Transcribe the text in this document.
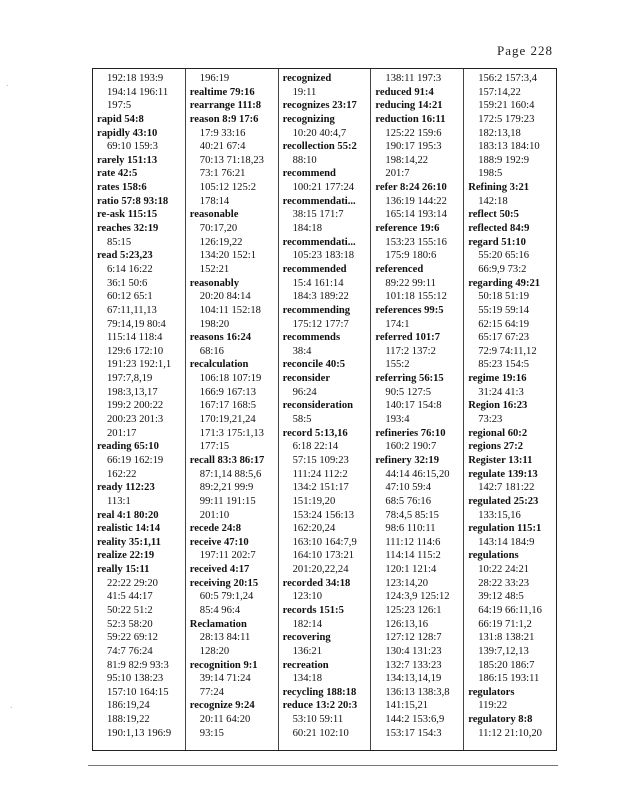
Page 228
192:18 193:9
194:14 196:11
197:5
rapid 54:8
rapidly 43:10
69:10 159:3
rarely 151:13
rate 42:5
rates 158:6
ratio 57:8 93:18
re-ask 115:15
reaches 32:19
85:15
read 5:23,23
6:14 16:22
36:1 50:6
60:12 65:1
67:11,11,13
79:14,19 80:4
115:14 118:4
129:6 172:10
191:23 192:1,1
197:7,8,19
198:3,13,17
199:2 200:22
200:23 201:3
201:17
reading 65:10
66:19 162:19
162:22
ready 112:23
113:1
real 4:1 80:20
realistic 14:14
reality 35:1,11
realize 22:19
really 15:11
22:22 29:20
41:5 44:17
50:22 51:2
52:3 58:20
59:22 69:12
74:7 76:24
81:9 82:9 93:3
95:10 138:23
157:10 164:15
186:19,24
188:19,22
190:1,13 196:9
196:19
realtime 79:16
rearrange 111:8
reason 8:9 17:6
17:9 33:16
40:21 67:4
70:13 71:18,23
73:1 76:21
105:12 125:2
178:14
reasonable
70:17,20
126:19,22
134:20 152:1
152:21
reasonably
20:20 84:14
104:11 152:18
198:20
reasons 16:24
68:16
recalculation
106:18 107:19
166:9 167:13
167:17 168:5
170:19,21,24
171:3 175:1,13
177:15
recall 83:3 86:17
87:1,14 88:5,6
89:2,21 99:9
99:11 191:15
201:10
recede 24:8
receive 47:10
197:11 202:7
received 4:17
receiving 20:15
60:5 79:1,24
85:4 96:4
Reclamation
28:13 84:11
128:20
recognition 9:1
39:14 71:24
77:24
recognize 9:24
20:11 64:20
93:15
recognized
19:11
recognizes 23:17
recognizing
10:20 40:4,7
recollection 55:2
88:10
recommend
100:21 177:24
recommendati...
38:15 171:7
184:18
recommendati...
105:23 183:18
recommended
15:4 161:14
184:3 189:22
recommending
175:12 177:7
recommends
38:4
reconcile 40:5
reconsider
96:24
reconsideration
58:5
record 5:13,16
6:18 22:14
57:15 109:23
111:24 112:2
134:2 151:17
151:19,20
153:24 156:13
162:20,24
163:10 164:7,9
164:10 173:21
201:20,22,24
recorded 34:18
123:10
records 151:5
182:14
recovering
136:21
recreation
134:18
recycling 188:18
reduce 13:2 20:3
53:10 59:11
60:21 102:10
138:11 197:3
reduced 91:4
reducing 14:21
reduction 16:11
125:22 159:6
190:17 195:3
198:14,22
201:7
refer 8:24 26:10
136:19 144:22
165:14 193:14
reference 19:6
153:23 155:16
175:9 180:6
referenced
89:22 99:11
101:18 155:12
references 99:5
174:1
referred 101:7
117:2 137:2
155:2
referring 56:15
90:5 127:5
140:17 154:8
193:4
refineries 76:10
160:2 190:7
refinery 32:19
44:14 46:15,20
47:10 59:4
68:5 76:16
78:4,5 85:15
98:6 110:11
111:12 114:6
114:14 115:2
120:1 121:4
123:14,20
124:3,9 125:12
125:23 126:1
126:13,16
127:12 128:7
130:4 131:23
132:7 133:23
134:13,14,19
136:13 138:3,8
141:15,21
144:2 153:6,9
153:17 154:3
156:2 157:3,4
157:14,22
159:21 160:4
172:5 179:23
182:13,18
183:13 184:10
188:9 192:9
198:5
Refining 3:21
142:18
reflect 50:5
reflected 84:9
regard 51:10
55:20 65:16
66:9,9 73:2
regarding 49:21
50:18 51:19
55:19 59:14
62:15 64:19
65:17 67:23
72:9 74:11,12
85:23 154:5
regime 19:16
31:24 41:3
Region 16:23
73:23
regional 60:2
regions 27:2
Register 13:11
regulate 139:13
142:7 181:22
regulated 25:23
133:15,16
regulation 115:1
143:14 184:9
regulations
10:22 24:21
28:22 33:23
39:12 48:5
64:19 66:11,16
66:19 71:1,2
131:8 138:21
139:7,12,13
185:20 186:7
186:15 193:11
regulators
119:22
regulatory 8:8
11:12 21:10,20
.
.
